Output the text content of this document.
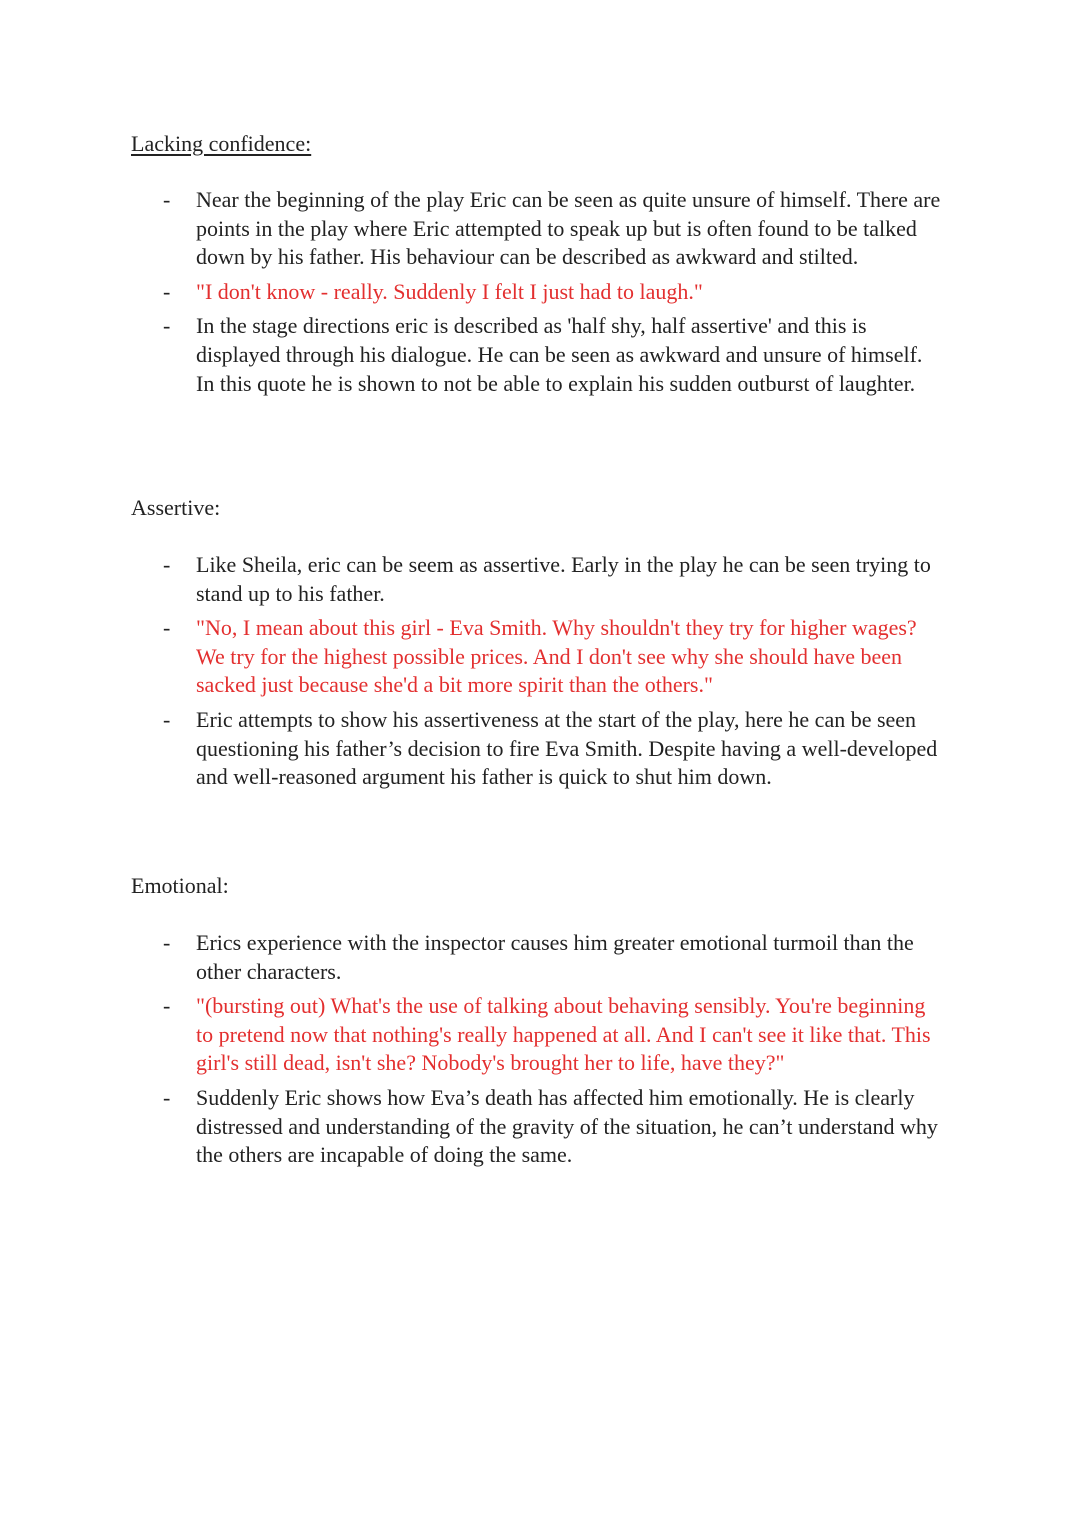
Lacking confidence:
- Near the beginning of the play Eric can be seen as quite unsure of himself. There are points in the play where Eric attempted to speak up but is often found to be talked down by his father. His behaviour can be described as awkward and stilted.
- "I don't know - really. Suddenly I felt I just had to laugh."
- In the stage directions eric is described as 'half shy, half assertive' and this is displayed through his dialogue. He can be seen as awkward and unsure of himself. In this quote he is shown to not be able to explain his sudden outburst of laughter.
Assertive:
- Like Sheila, eric can be seem as assertive. Early in the play he can be seen trying to stand up to his father.
- "No, I mean about this girl - Eva Smith. Why shouldn't they try for higher wages? We try for the highest possible prices. And I don't see why she should have been sacked just because she'd a bit more spirit than the others."
- Eric attempts to show his assertiveness at the start of the play, here he can be seen questioning his father’s decision to fire Eva Smith. Despite having a well-developed and well-reasoned argument his father is quick to shut him down.
Emotional:
- Erics experience with the inspector causes him greater emotional turmoil than the other characters.
- "(bursting out) What's the use of talking about behaving sensibly. You're beginning to pretend now that nothing's really happened at all. And I can't see it like that. This girl's still dead, isn't she? Nobody's brought her to life, have they?"
- Suddenly Eric shows how Eva’s death has affected him emotionally. He is clearly distressed and understanding of the gravity of the situation, he can’t understand why the others are incapable of doing the same.
